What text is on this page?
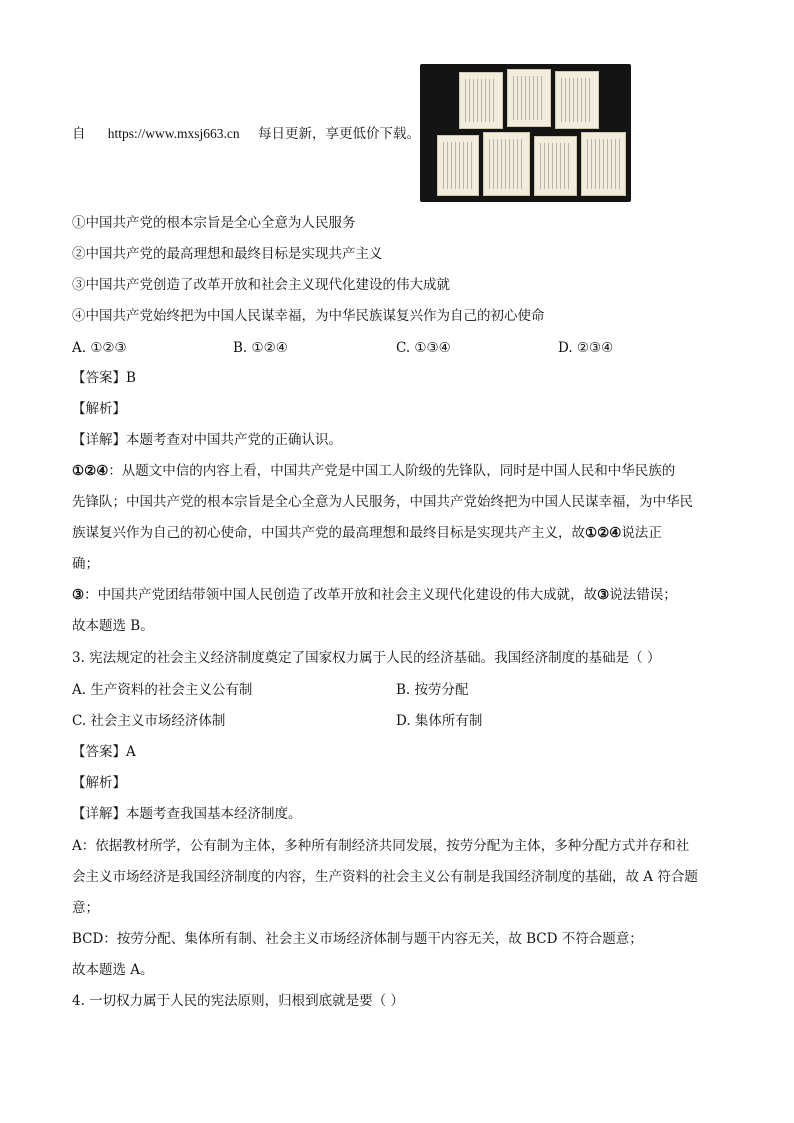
自 https://www.mxsj663.cn 每日更新，享更低价下载。
①中国共产党的根本宗旨是全心全意为人民服务
②中国共产党的最高理想和最终目标是实现共产主义
③中国共产党创造了改革开放和社会主义现代化建设的伟大成就
④中国共产党始终把为中国人民谋幸福，为中华民族谋复兴作为自己的初心使命
A. ①②③	B. ①②④	C. ①③④	D. ②③④
【答案】B
【解析】
【详解】本题考查对中国共产党的正确认识。
①②④：从题文中信的内容上看，中国共产党是中国工人阶级的先锋队，同时是中国人民和中华民族的
先锋队；中国共产党的根本宗旨是全心全意为人民服务，中国共产党始终把为中国人民谋幸福，为中华民
族谋复兴作为自己的初心使命，中国共产党的最高理想和最终目标是实现共产主义，故①②④说法正
确；
③：中国共产党团结带领中国人民创造了改革开放和社会主义现代化建设的伟大成就，故③说法错误；
故本题选 B。
3. 宪法规定的社会主义经济制度奠定了国家权力属于人民的经济基础。我国经济制度的基础是（ ）
A. 生产资料的社会主义公有制	B. 按劳分配
C. 社会主义市场经济体制	D. 集体所有制
【答案】A
【解析】
【详解】本题考查我国基本经济制度。
A：依据教材所学，公有制为主体，多种所有制经济共同发展，按劳分配为主体，多种分配方式并存和社
会主义市场经济是我国经济制度的内容，生产资料的社会主义公有制是我国经济制度的基础，故 A 符合题
意；
BCD：按劳分配、集体所有制、社会主义市场经济体制与题干内容无关，故 BCD 不符合题意；
故本题选 A。
4. 一切权力属于人民的宪法原则，归根到底就是要（ ）
